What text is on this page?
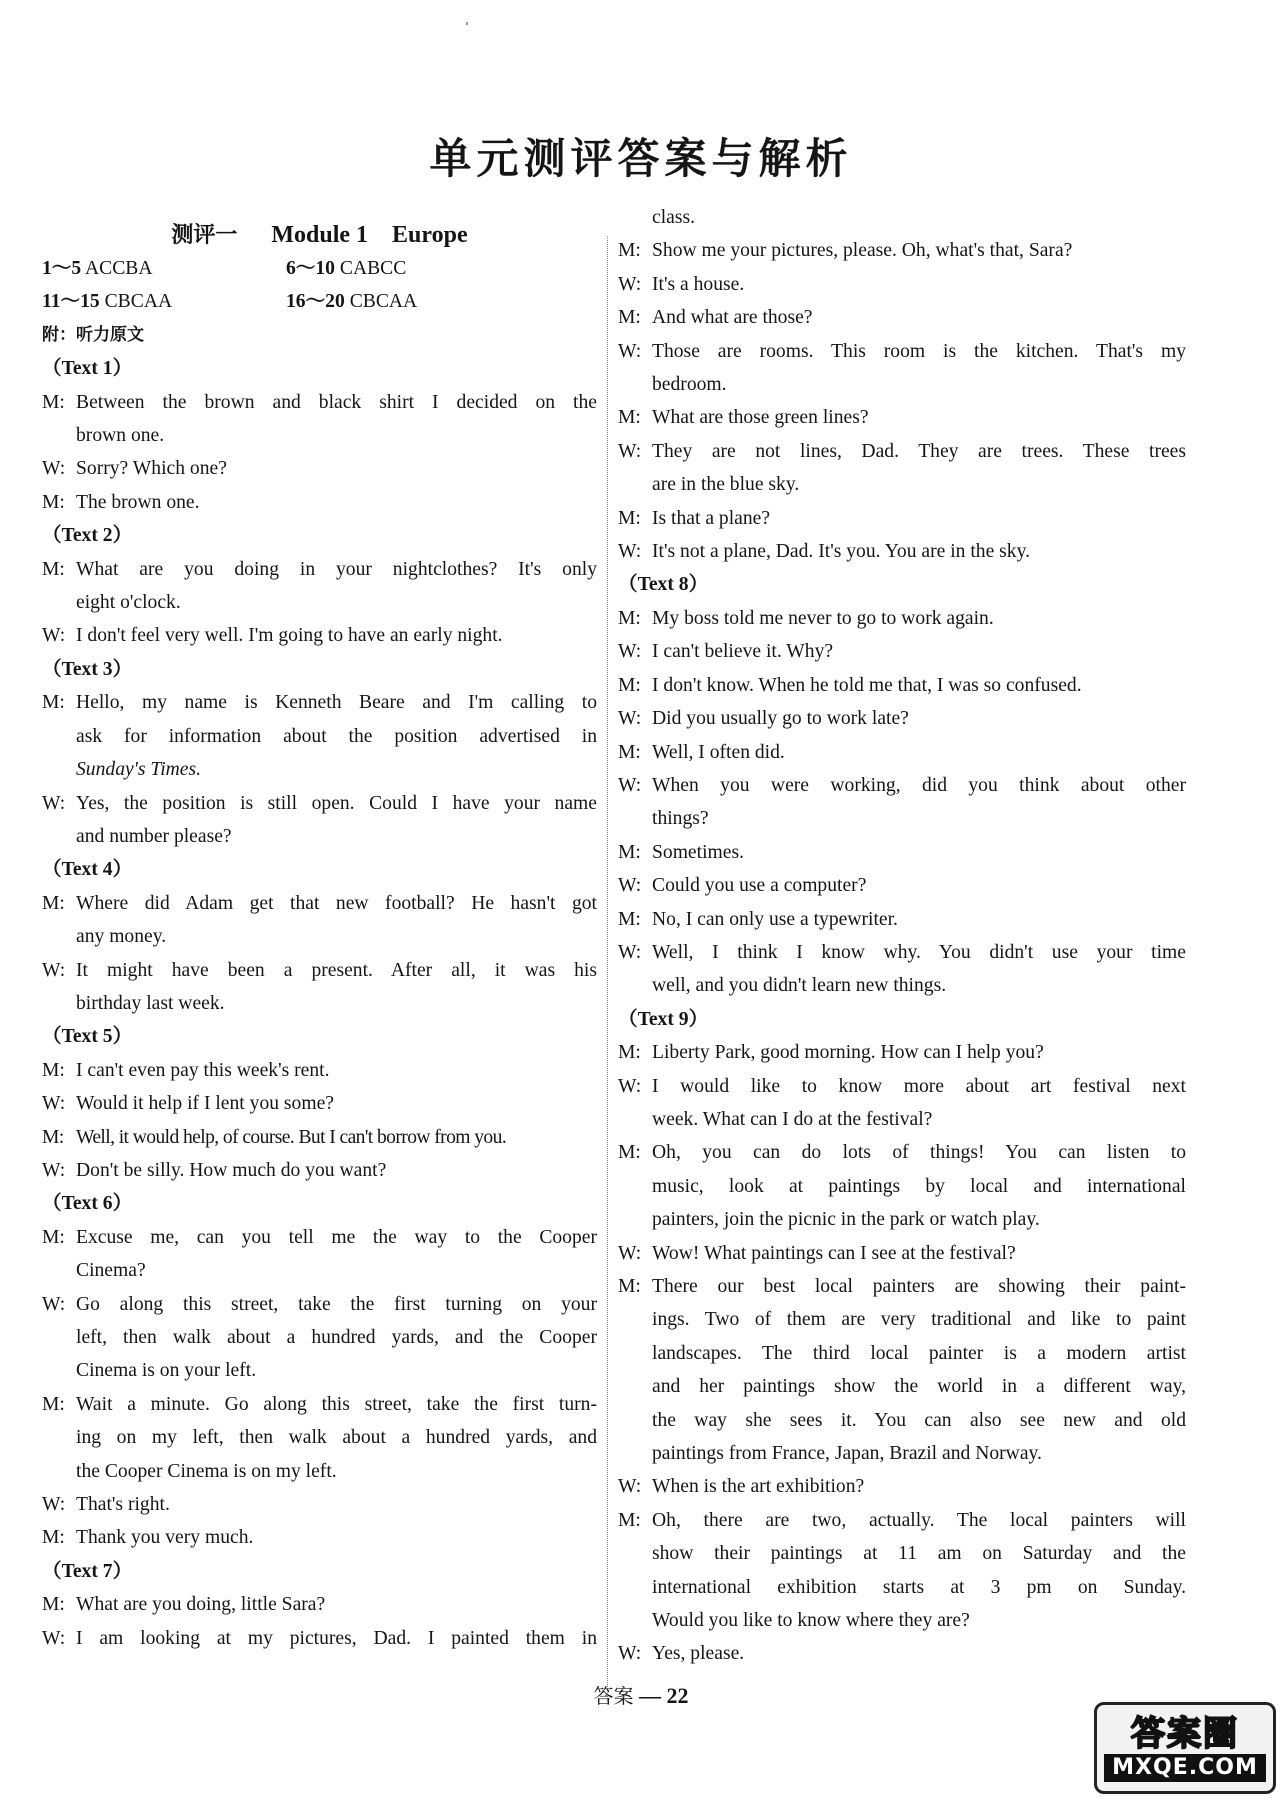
单元测评答案与解析
测评一 Module 1 Europe
1～5 ACCBA	6～10 CABCC
11～15 CBCAA	16～20 CBCAA
附：听力原文
（Text 1）
M: Between the brown and black shirt I decided on the
brown one.
W: Sorry? Which one?
M: The brown one.
（Text 2）
M: What are you doing in your nightclothes? It's only
eight o'clock.
W: I don't feel very well. I'm going to have an early night.
（Text 3）
M: Hello, my name is Kenneth Beare and I'm calling to
ask for information about the position advertised in
Sunday's Times.
W: Yes, the position is still open. Could I have your name
and number please?
（Text 4）
M: Where did Adam get that new football? He hasn't got
any money.
W: It might have been a present. After all, it was his
birthday last week.
（Text 5）
M: I can't even pay this week's rent.
W: Would it help if I lent you some?
M: Well, it would help, of course. But I can't borrow from you.
W: Don't be silly. How much do you want?
（Text 6）
M: Excuse me, can you tell me the way to the Cooper
Cinema?
W: Go along this street, take the first turning on your
left, then walk about a hundred yards, and the Cooper
Cinema is on your left.
M: Wait a minute. Go along this street, take the first turn-
ing on my left, then walk about a hundred yards, and
the Cooper Cinema is on my left.
W: That's right.
M: Thank you very much.
（Text 7）
M: What are you doing, little Sara?
W: I am looking at my pictures, Dad. I painted them in
class.
M: Show me your pictures, please. Oh, what's that, Sara?
W: It's a house.
M: And what are those?
W: Those are rooms. This room is the kitchen. That's my
bedroom.
M: What are those green lines?
W: They are not lines, Dad. They are trees. These trees
are in the blue sky.
M: Is that a plane?
W: It's not a plane, Dad. It's you. You are in the sky.
（Text 8）
M: My boss told me never to go to work again.
W: I can't believe it. Why?
M: I don't know. When he told me that, I was so confused.
W: Did you usually go to work late?
M: Well, I often did.
W: When you were working, did you think about other
things?
M: Sometimes.
W: Could you use a computer?
M: No, I can only use a typewriter.
W: Well, I think I know why. You didn't use your time
well, and you didn't learn new things.
（Text 9）
M: Liberty Park, good morning. How can I help you?
W: I would like to know more about art festival next
week. What can I do at the festival?
M: Oh, you can do lots of things! You can listen to
music, look at paintings by local and international
painters, join the picnic in the park or watch play.
W: Wow! What paintings can I see at the festival?
M: There our best local painters are showing their paint-
ings. Two of them are very traditional and like to paint
landscapes. The third local painter is a modern artist
and her paintings show the world in a different way,
the way she sees it. You can also see new and old
paintings from France, Japan, Brazil and Norway.
W: When is the art exhibition?
M: Oh, there are two, actually. The local painters will
show their paintings at 11 am on Saturday and the
international exhibition starts at 3 pm on Sunday.
Would you like to know where they are?
W: Yes, please.
答案 — 22
答案圈
MXQE.COM
